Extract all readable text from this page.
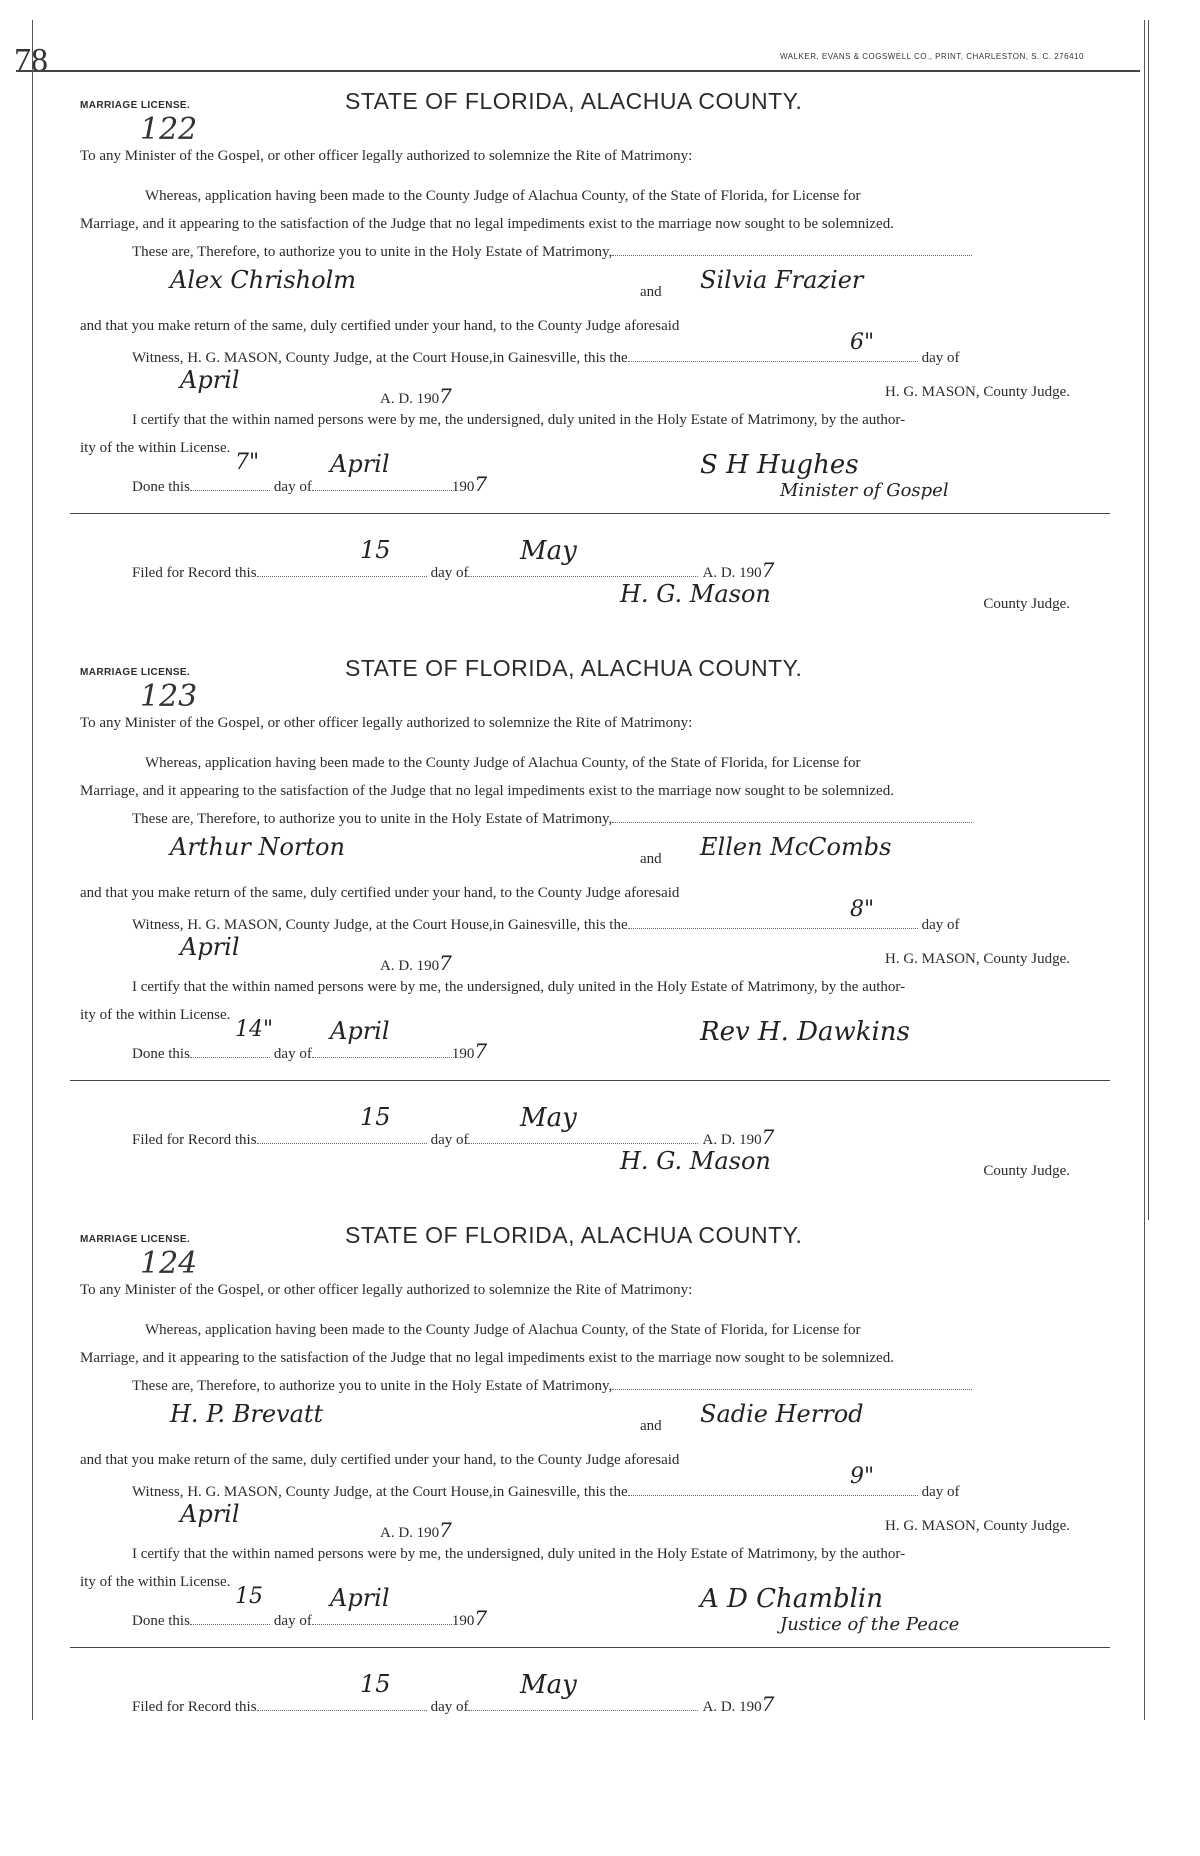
78	WALKER, EVANS & COGSWELL CO., PRINT, CHARLESTON, S. C. 276410
MARRIAGE LICENSE.	STATE OF FLORIDA, ALACHUA COUNTY.
122
To any Minister of the Gospel, or other officer legally authorized to solemnize the Rite of Matrimony:
Whereas, application having been made to the County Judge of Alachua County, of the State of Florida, for License for
Marriage, and it appearing to the satisfaction of the Judge that no legal impediments exist to the marriage now sought to be solemnized.
These are, Therefore, to authorize you to unite in the Holy Estate of Matrimony,
Alex Chrisholm	and Silvia Frazier
and that you make return of the same, duly certified under your hand, to the County Judge aforesaid
Witness, H. G. MASON, County Judge, at the Court House,in Gainesville, this the	day of
6"
April
A. D. 1907	H. G. MASON, County Judge.
I certify that the within named persons were by me, the undersigned, duly united in the Holy Estate of Matrimony, by the author-
ity of the within License.
Done this	day of	1907
7"	April	S H Hughes
Minister of Gospel
Filed for Record this	day of	A. D. 1907
15	May
H. G. Mason	County Judge.
MARRIAGE LICENSE.	STATE OF FLORIDA, ALACHUA COUNTY.
123
To any Minister of the Gospel, or other officer legally authorized to solemnize the Rite of Matrimony:
Whereas, application having been made to the County Judge of Alachua County, of the State of Florida, for License for
Marriage, and it appearing to the satisfaction of the Judge that no legal impediments exist to the marriage now sought to be solemnized.
These are, Therefore, to authorize you to unite in the Holy Estate of Matrimony,
Arthur Norton	and Ellen McCombs
and that you make return of the same, duly certified under your hand, to the County Judge aforesaid
Witness, H. G. MASON, County Judge, at the Court House,in Gainesville, this the	day of
8"
April
A. D. 1907	H. G. MASON, County Judge.
I certify that the within named persons were by me, the undersigned, duly united in the Holy Estate of Matrimony, by the author-
ity of the within License.
Done this	day of	1907
14" April	Rev H. Dawkins
Filed for Record this	day of	A. D. 1907
15	May
H. G. Mason	County Judge.
MARRIAGE LICENSE.	STATE OF FLORIDA, ALACHUA COUNTY.
124
To any Minister of the Gospel, or other officer legally authorized to solemnize the Rite of Matrimony:
Whereas, application having been made to the County Judge of Alachua County, of the State of Florida, for License for
Marriage, and it appearing to the satisfaction of the Judge that no legal impediments exist to the marriage now sought to be solemnized.
These are, Therefore, to authorize you to unite in the Holy Estate of Matrimony,
H. P. Brevatt	and Sadie Herrod
and that you make return of the same, duly certified under your hand, to the County Judge aforesaid
Witness, H. G. MASON, County Judge, at the Court House,in Gainesville, this the	day of
9"
April
A. D. 1907	H. G. MASON, County Judge.
I certify that the within named persons were by me, the undersigned, duly united in the Holy Estate of Matrimony, by the author-
ity of the within License.
Done this	day of	1907
15	April	A D Chamblin
Justice of the Peace
Filed for Record this	day of	A. D. 1907
15	May
